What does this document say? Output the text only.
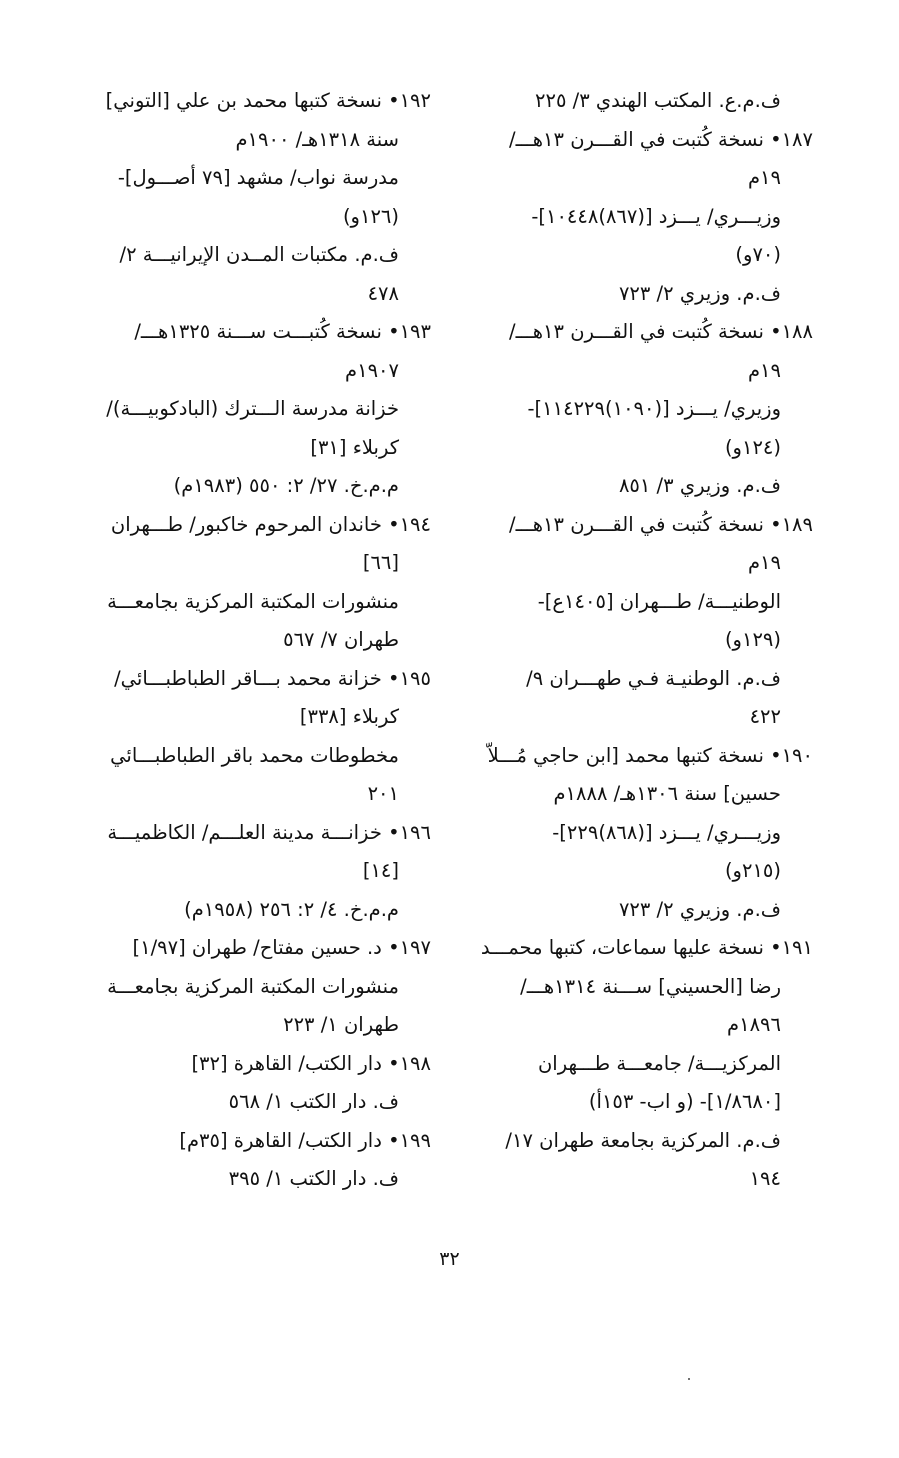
ف.م.ع. المكتب الهندي ٣/ ٢٢٥
١٨٧• نسخة كُتبت في القـــرن ١٣هـــ/
١٩م
وزيـــري/ يـــزد [(٨٦٧)١٠٤٤٨]-
(٧٠و)
ف.م. وزيري ٢/ ٧٢٣
١٨٨• نسخة كُتبت في القـــرن ١٣هـــ/
١٩م
وزيري/ يـــزد [(١٠٩٠)١١٤٢٢٩]-
(١٢٤و)
ف.م. وزيري ٣/ ٨٥١
١٨٩• نسخة كُتبت في القـــرن ١٣هـــ/
١٩م
الوطنيـــة/ طـــهران [١٤٠٥ع]-
(١٢٩و)
ف.م. الوطنيـة فـي طهـــران ٩/
٤٢٢
١٩٠• نسخة كتبها محمد [ابن حاجي مُـــلاّ
حسين] سنة ١٣٠٦هـ/ ١٨٨٨م
وزيـــري/ يـــزد [(٨٦٨)٢٢٩]-
(٢١٥و)
ف.م. وزيري ٢/ ٧٢٣
١٩١• نسخة عليها سماعات، كتبها محمـــد
رضا [الحسيني] ســـنة ١٣١٤هـــ/
١٨٩٦م
المركزيـــة/ جامعـــة طـــهران
[١/٨٦٨٠]- (و اب- ١٥٣أ)
ف.م. المركزية بجامعة طهران ١٧/
١٩٤
١٩٢• نسخة كتبها محمد بن علي [التوني]
سنة ١٣١٨هـ/ ١٩٠٠م
مدرسة نواب/ مشهد [٧٩ أصـــول]-
(١٢٦و)
ف.م. مكتبات المــدن الإيرانيـــة ٢/
٤٧٨
١٩٣• نسخة كُتبـــت ســـنة ١٣٢٥هـــ/
١٩٠٧م
خزانة مدرسة الـــترك (البادكوبيـــة)/
كربلاء [٣١]
م.م.خ. ٢٧/ ٢: ٥٥٠ (١٩٨٣م)
١٩٤• خاندان المرحوم خاكبور/ طـــهران
[٦٦]
منشورات المكتبة المركزية بجامعـــة
طهران ٧/ ٥٦٧
١٩٥• خزانة محمد بـــاقر الطباطبـــائي/
كربلاء [٣٣٨]
مخطوطات محمد باقر الطباطبـــائي
٢٠١
١٩٦• خزانـــة مدينة العلـــم/ الكاظميـــة
[١٤]
م.م.خ. ٤/ ٢: ٢٥٦ (١٩٥٨م)
١٩٧• د. حسين مفتاح/ طهران [١/٩٧]
منشورات المكتبة المركزية بجامعـــة
طهران ١/ ٢٢٣
١٩٨• دار الكتب/ القاهرة [٣٢]
ف. دار الكتب ١/ ٥٦٨
١٩٩• دار الكتب/ القاهرة [٣٥م]
ف. دار الكتب ١/ ٣٩٥
٣٢
